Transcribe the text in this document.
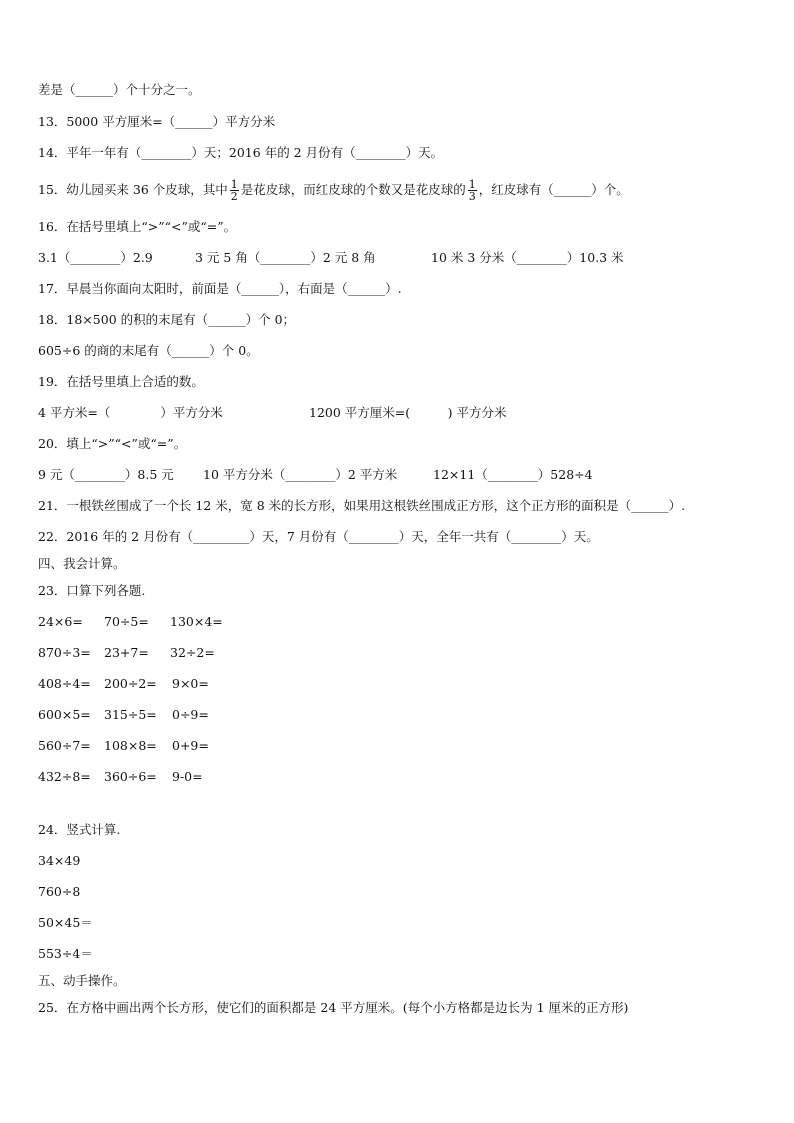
差是（______）个十分之一。
13．5000 平方厘米=（______）平方分米
14．平年一年有（________）天；2016 年的 2 月份有（________）天。
15．幼儿园买来 36 个皮球，其中 $\frac{1}{2}$ 是花皮球，而红皮球的个数又是花皮球的 $\frac{1}{3}$ ，红皮球有（______）个。
16．在括号里填上“>”“<”或“=”。
3.1（________）2.9	3 元 5 角（________）2 元 8 角	10 米 3 分米（________）10.3 米
17．早晨当你面向太阳时，前面是（______），右面是（______）.
18．18×500 的积的末尾有（______）个 0；
605÷6 的商的末尾有（______）个 0。
19．在括号里填上合适的数。
4 平方米=（　　　　）平方分米	1200 平方厘米=(　　　) 平方分米
20．填上“>”“<”或“=”。
9 元（________）8.5 元 10 平方分米（________）2 平方米	12×11（________）528÷4
21．一根铁丝围成了一个长 12 米，宽 8 米的长方形，如果用这根铁丝围成正方形，这个正方形的面积是（______）.
22．2016 年的 2 月份有（_________）天，7 月份有（________）天，全年一共有（________）天。
四、我会计算。
23．口算下列各题.
24×6= 70÷5= 130×4=
870÷3= 23+7= 32÷2=
408÷4= 200÷2= 9×0=
600×5= 315÷5= 0÷9=
560÷7= 108×8= 0+9=
432÷8= 360÷6= 9-0=
24．竖式计算.
34×49
760÷8
50×45＝
553÷4＝
五、动手操作。
25．在方格中画出两个长方形，使它们的面积都是 24 平方厘米。(每个小方格都是边长为 1 厘米的正方形)
